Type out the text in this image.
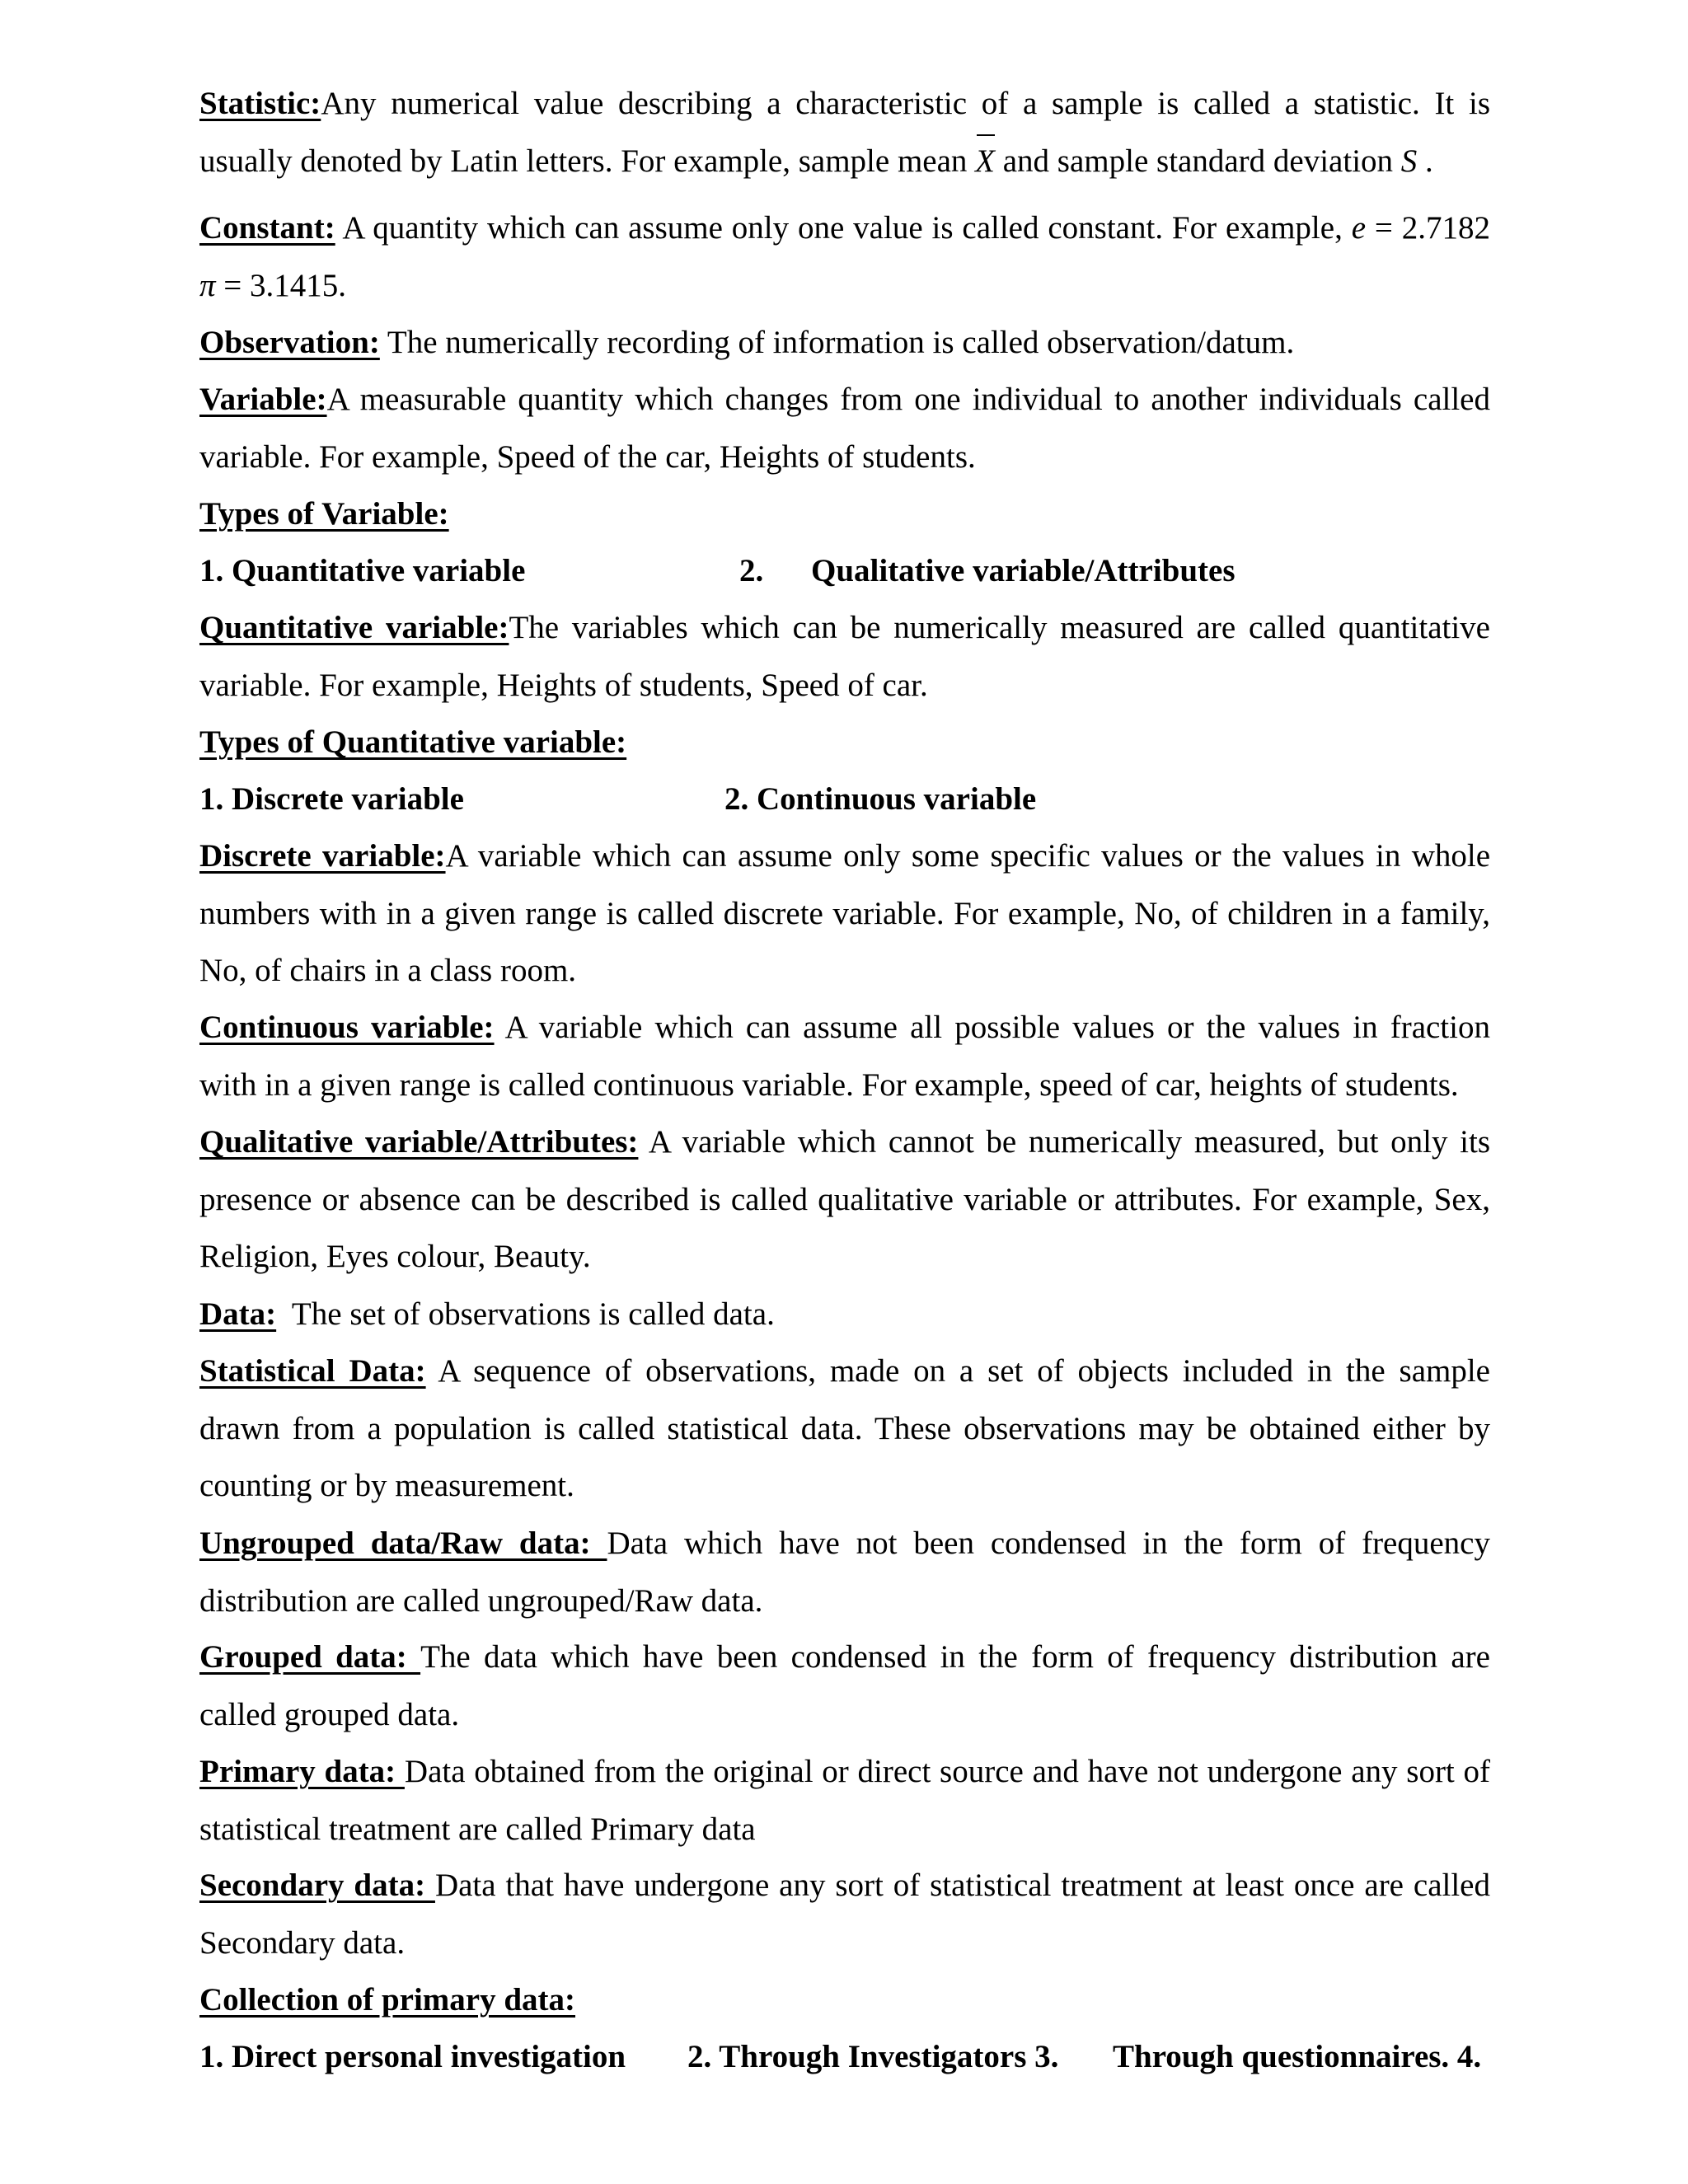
Statistic:Any numerical value describing a characteristic of a sample is called a statistic. It is usually denoted by Latin letters. For example, sample mean X and sample standard deviation S .

Constant: A quantity which can assume only one value is called constant. For example, e = 2.7182 π = 3.1415.

Observation: The numerically recording of information is called observation/datum.

Variable:A measurable quantity which changes from one individual to another individuals called variable. For example, Speed of the car, Heights of students.

Types of Variable:

1. Quantitative variable	2. Qualitative variable/Attributes

Quantitative variable:The variables which can be numerically measured are called quantitative variable. For example, Heights of students, Speed of car.

Types of Quantitative variable:

1. Discrete variable	2. Continuous variable

Discrete variable:A variable which can assume only some specific values or the values in whole numbers with in a given range is called discrete variable. For example, No, of children in a family, No, of chairs in a class room.

Continuous variable: A variable which can assume all possible values or the values in fraction with in a given range is called continuous variable. For example, speed of car, heights of students.

Qualitative variable/Attributes: A variable which cannot be numerically measured, but only its presence or absence can be described is called qualitative variable or attributes. For example, Sex, Religion, Eyes colour, Beauty.

Data:  The set of observations is called data.

Statistical Data: A sequence of observations, made on a set of objects included in the sample drawn from a population is called statistical data. These observations may be obtained either by counting or by measurement.

Ungrouped data/Raw data: Data which have not been condensed in the form of frequency distribution are called ungrouped/Raw data.

Grouped data: The data which have been condensed in the form of frequency distribution are called grouped data.

Primary data: Data obtained from the original or direct source and have not undergone any sort of statistical treatment are called Primary data

Secondary data: Data that have undergone any sort of statistical treatment at least once are called Secondary data.

Collection of primary data:

1. Direct personal investigation 2. Through Investigators 3. Through questionnaires. 4.
